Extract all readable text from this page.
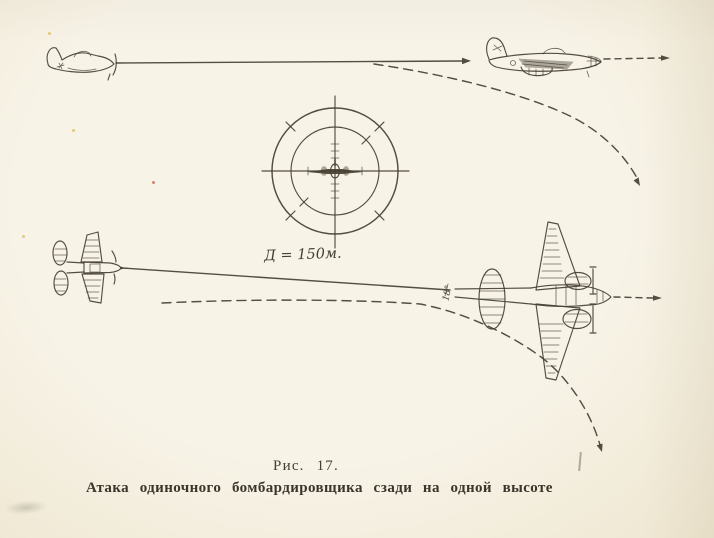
18°
Д = 150м.
Рис. 17.
Атака одиночного бомбардировщика сзади на одной высоте
